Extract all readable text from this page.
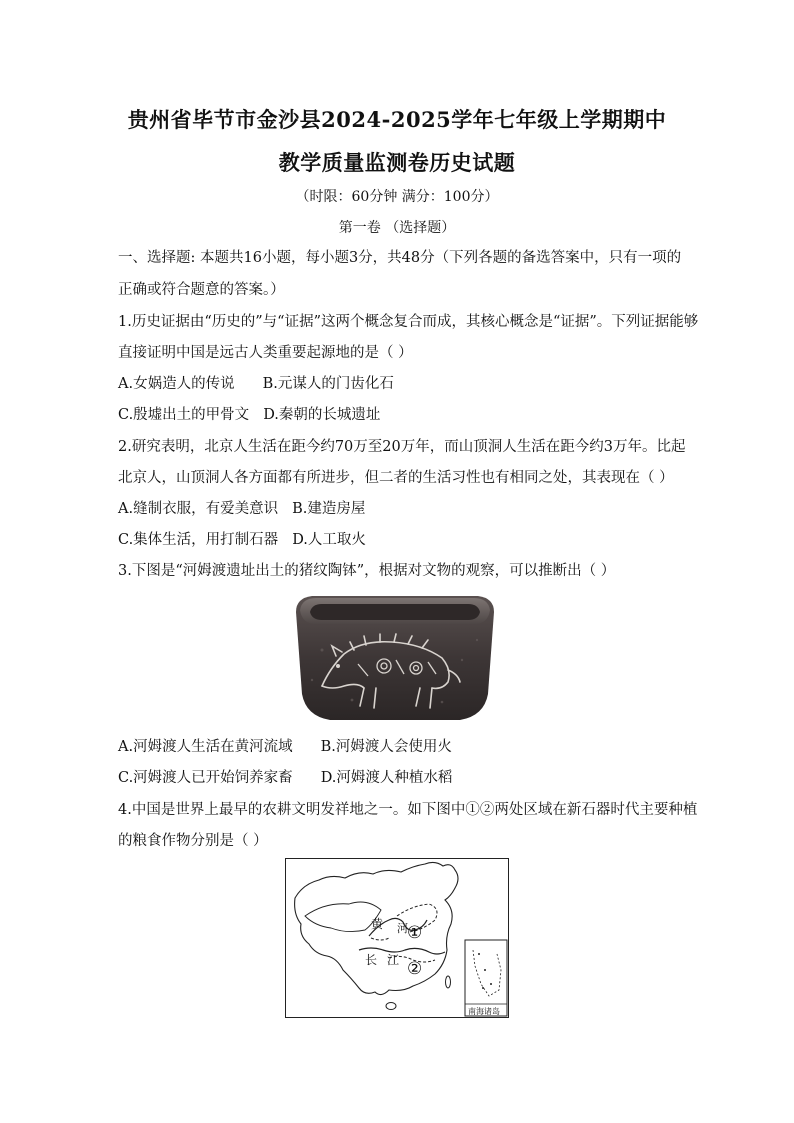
贵州省毕节市金沙县2024-2025学年七年级上学期期中
教学质量监测卷历史试题
（时限：60分钟 满分：100分）
第一卷 （选择题）
一、选择题: 本题共16小题，每小题3分，共48分（下列各题的备选答案中，只有一项的
正确或符合题意的答案。）
1.历史证据由“历史的”与“证据”这两个概念复合而成，其核心概念是“证据”。下列证据能够
直接证明中国是远古人类重要起源地的是（ ）
A.女娲造人的传说 B.元谋人的门齿化石
C.殷墟出土的甲骨文 D.秦朝的长城遗址
2.研究表明，北京人生活在距今约70万至20万年，而山顶洞人生活在距今约3万年。比起
北京人，山顶洞人各方面都有所进步，但二者的生活习性也有相同之处，其表现在（ ）
A.缝制衣服，有爱美意识 B.建造房屋
C.集体生活，用打制石器 D.人工取火
3.下图是“河姆渡遗址出土的猪纹陶钵”，根据对文物的观察，可以推断出（ ）
A.河姆渡人生活在黄河流域 B.河姆渡人会使用火
C.河姆渡人已开始饲养家畜 D.河姆渡人种植水稻
4.中国是世界上最早的农耕文明发祥地之一。如下图中①②两处区域在新石器时代主要种植
的粮食作物分别是（ ）
黄 河
长 江
①
②
南海诸岛
